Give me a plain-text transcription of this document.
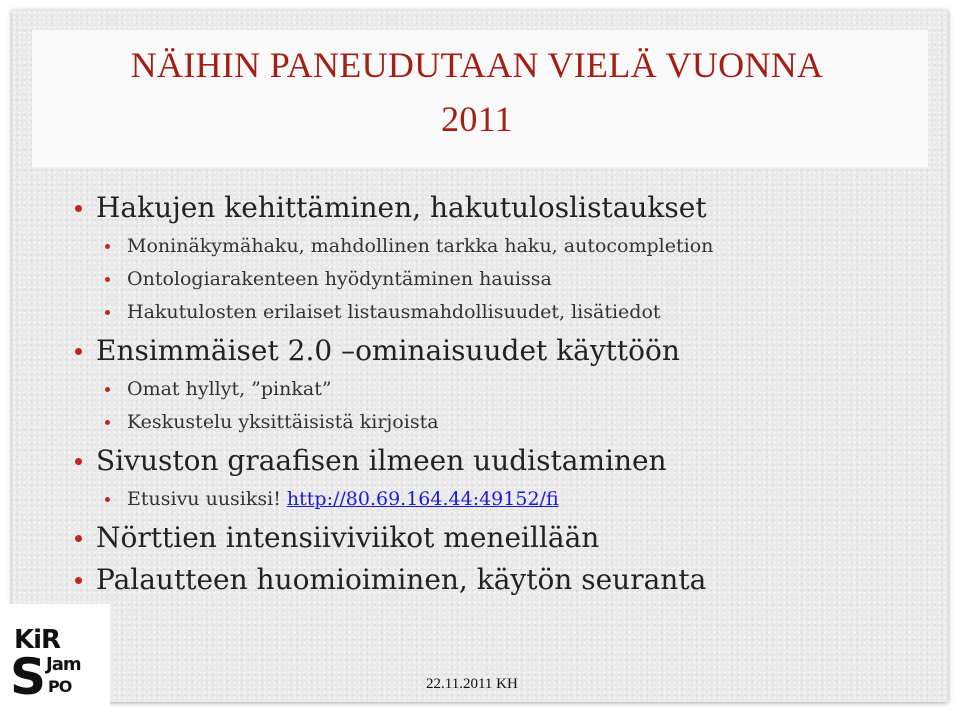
NÄIHIN PANEUDUTAAN VIELÄ VUONNA 2011
Hakujen kehittäminen, hakutuloslistaukset
Moninäkymähaku, mahdollinen tarkka haku, autocompletion
Ontologiarakenteen hyödyntäminen hauissa
Hakutulosten erilaiset listausmahdollisuudet, lisätiedot
Ensimmäiset 2.0 –ominaisuudet käyttöön
Omat hyllyt, ”pinkat”
Keskustelu yksittäisistä kirjoista
Sivuston graafisen ilmeen uudistaminen
Etusivu uusiksi! http://80.69.164.44:49152/fi
Nörttien intensiiviviikot meneillään
Palautteen huomioiminen, käytön seuranta
KiR
S Jam
PO	22.11.2011 KH
